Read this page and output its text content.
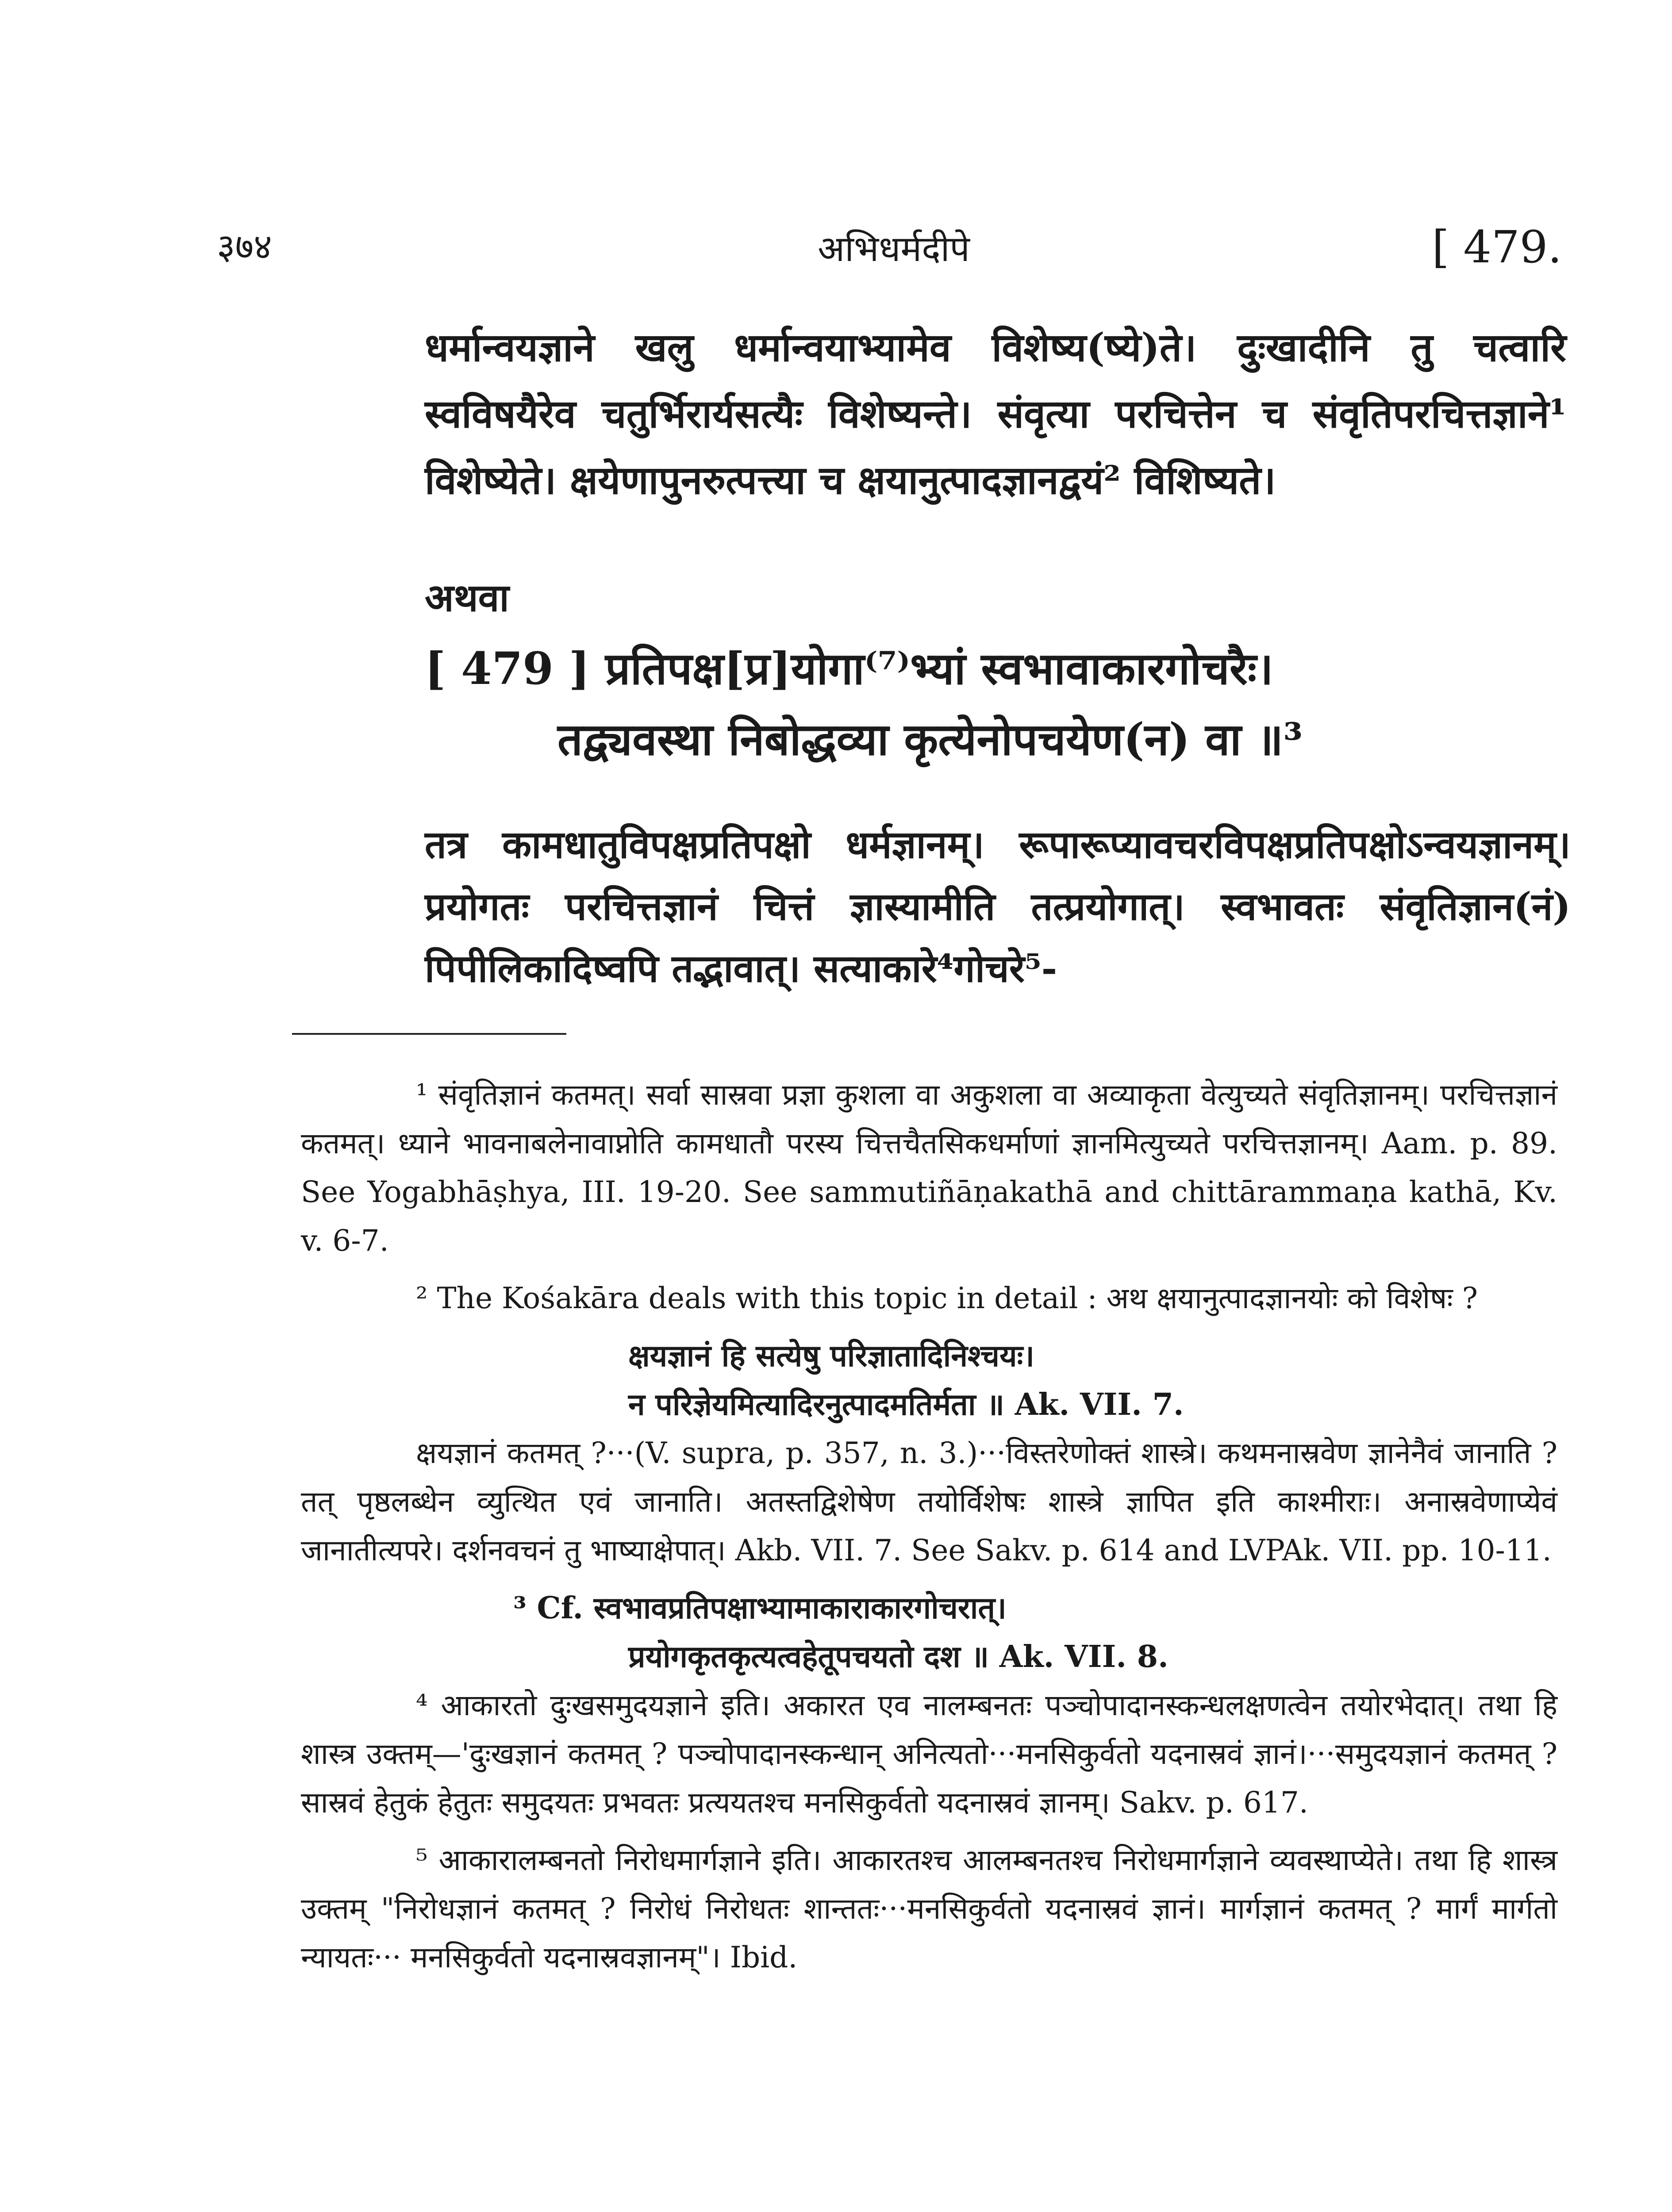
३७४	अभिधर्मदीपे	[ 479.
धर्मान्वयज्ञाने खलु धर्मान्वयाभ्यामेव विशेष्य(ष्ये)ते। दुःखादीनि तु चत्वारि स्वविषयैरेव चतुर्भिरार्यसत्यैः विशेष्यन्ते। संवृत्या परचित्तेन च संवृतिपरचित्तज्ञाने¹ विशेष्येते। क्षयेणापुनरुत्पत्त्या च क्षयानुत्पादज्ञानद्वयं² विशिष्यते।
अथवा
[ 479 ] प्रतिपक्ष[प्र]योगा⁽⁷⁾भ्यां स्वभावाकारगोचरैः।
तद्व्यवस्था निबोद्धव्या कृत्येनोपचयेण(न) वा ॥³
तत्र कामधातुविपक्षप्रतिपक्षो धर्मज्ञानम्। रूपारूप्यावचरविपक्षप्रतिपक्षोऽन्वयज्ञानम्। प्रयोगतः परचित्तज्ञानं चित्तं ज्ञास्यामीति तत्प्रयोगात्। स्वभावतः संवृतिज्ञान(नं) पिपीलिकादिष्वपि तद्भावात्। सत्याकारे⁴गोचरे⁵-

¹ संवृतिज्ञानं कतमत्। सर्वा सास्रवा प्रज्ञा कुशला वा अकुशला वा अव्याकृता वेत्युच्यते संवृतिज्ञानम्। परचित्तज्ञानं कतमत्। ध्याने भावनाबलेनावाप्नोति कामधातौ परस्य चित्तचैतसिकधर्माणां ज्ञानमित्युच्यते परचित्तज्ञानम्। Aam. p. 89. See Yogabhāṣhya, III. 19-20. See sammutiñāṇakathā and chittārammaṇa kathā, Kv. v. 6-7.

² The Kośakāra deals with this topic in detail : अथ क्षयानुत्पादज्ञानयोः को विशेषः ?

क्षयज्ञानं हि सत्येषु परिज्ञातादिनिश्चयः।
न परिज्ञेयमित्यादिरनुत्पादमतिर्मता ॥ Ak. VII. 7.

क्षयज्ञानं कतमत् ?···(V. supra, p. 357, n. 3.)···विस्तरेणोक्तं शास्त्रे। कथमनास्रवेण ज्ञानेनैवं जानाति ? तत् पृष्ठलब्धेन व्युत्थित एवं जानाति। अतस्तद्विशेषेण तयोर्विशेषः शास्त्रे ज्ञापित इति काश्मीराः। अनास्रवेणाप्येवं जानातीत्यपरे। दर्शनवचनं तु भाष्याक्षेपात्। Akb. VII. 7. See Sakv. p. 614 and LVPAk. VII. pp. 10-11.

³ Cf. स्वभावप्रतिपक्षाभ्यामाकाराकारगोचरात्।
प्रयोगकृतकृत्यत्वहेतूपचयतो दश ॥ Ak. VII. 8.

⁴ आकारतो दुःखसमुदयज्ञाने इति। अकारत एव नालम्बनतः पञ्चोपादानस्कन्धलक्षणत्वेन तयोरभेदात्। तथा हि शास्त्र उक्तम्—'दुःखज्ञानं कतमत् ? पञ्चोपादानस्कन्धान् अनित्यतो···मनसिकुर्वतो यदनास्रवं ज्ञानं।···समुदयज्ञानं कतमत् ? सास्रवं हेतुकं हेतुतः समुदयतः प्रभवतः प्रत्ययतश्च मनसिकुर्वतो यदनास्रवं ज्ञानम्। Sakv. p. 617.

⁵ आकारालम्बनतो निरोधमार्गज्ञाने इति। आकारतश्च आलम्बनतश्च निरोधमार्गज्ञाने व्यवस्थाप्येते। तथा हि शास्त्र उक्तम् "निरोधज्ञानं कतमत् ? निरोधं निरोधतः शान्ततः···मनसिकुर्वतो यदनास्रवं ज्ञानं। मार्गज्ञानं कतमत् ? मार्गं मार्गतो न्यायतः··· मनसिकुर्वतो यदनास्रवज्ञानम्"। Ibid.
